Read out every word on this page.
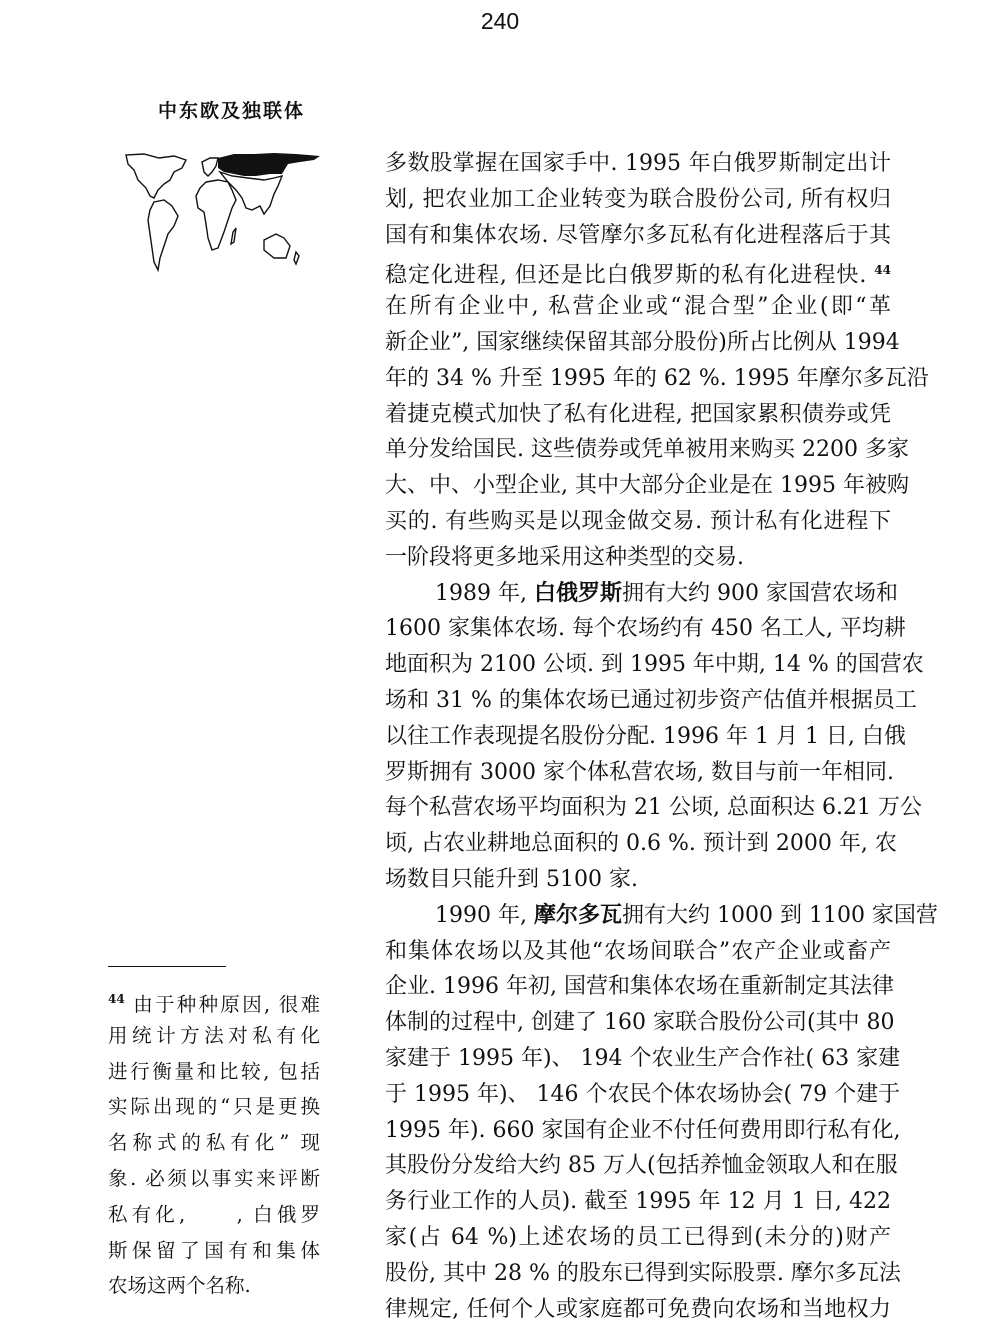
240
中东欧及独联体
多数股掌握在国家手中. 1995 年白俄罗斯制定出计
划, 把农业加工企业转变为联合股份公司, 所有权归
国有和集体农场. 尽管摩尔多瓦私有化进程落后于其
稳定化进程, 但还是比白俄罗斯的私有化进程快. $^{44}$
在所有企业中, 私营企业或“混合型”企业(即“革
新企业”, 国家继续保留其部分股份)所占比例从 1994
年的 34 % 升至 1995 年的 62 %. 1995 年摩尔多瓦沿
着捷克模式加快了私有化进程, 把国家累积债券或凭
单分发给国民. 这些债券或凭单被用来购买 2200 多家
大、中、小型企业, 其中大部分企业是在 1995 年被购
买的. 有些购买是以现金做交易. 预计私有化进程下
一阶段将更多地采用这种类型的交易.
1989 年, 白俄罗斯拥有大约 900 家国营农场和
1600 家集体农场. 每个农场约有 450 名工人, 平均耕
地面积为 2100 公顷. 到 1995 年中期, 14 % 的国营农
场和 31 % 的集体农场已通过初步资产估值并根据员工
以往工作表现提名股份分配. 1996 年 1 月 1 日, 白俄
罗斯拥有 3000 家个体私营农场, 数目与前一年相同.
每个私营农场平均面积为 21 公顷, 总面积达 6.21 万公
顷, 占农业耕地总面积的 0.6 %. 预计到 2000 年, 农
场数目只能升到 5100 家.
1990 年, 摩尔多瓦拥有大约 1000 到 1100 家国营
和集体农场以及其他“农场间联合”农产企业或畜产
企业. 1996 年初, 国营和集体农场在重新制定其法律
体制的过程中, 创建了 160 家联合股份公司(其中 80
家建于 1995 年)、 194 个农业生产合作社( 63 家建
于 1995 年)、 146 个农民个体农场协会( 79 个建于
1995 年). 660 家国有企业不付任何费用即行私有化,
其股份分发给大约 85 万人(包括养恤金领取人和在服
务行业工作的人员). 截至 1995 年 12 月 1 日, 422
家(占 64 %)上述农场的员工已得到(未分的)财产
股份, 其中 28 % 的股东已得到实际股票. 摩尔多瓦法
律规定, 任何个人或家庭都可免费向农场和当地权力
$^{44}$ 由于种种原因, 很难
用统计方法对私有化
进行衡量和比较, 包括
实际出现的“只是更换
名称式的私有化” 现
象. 必须以事实来评断
私有化,　　, 白俄罗
斯保留了国有和集体
农场这两个名称.
